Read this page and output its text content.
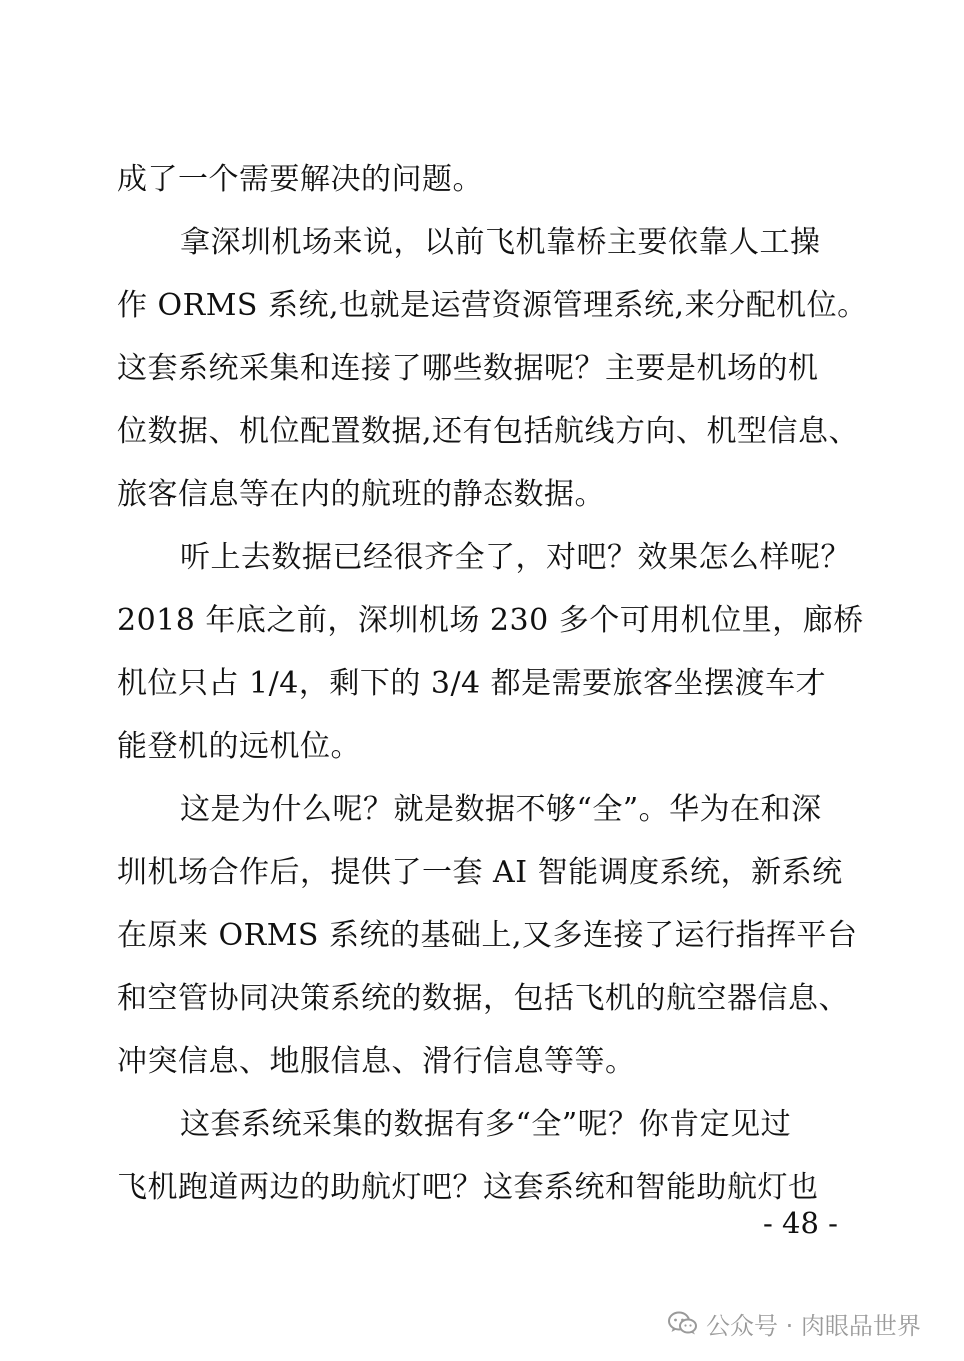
成了一个需要解决的问题。
拿深圳机场来说，以前飞机靠桥主要依靠人工操
作 ORMS 系统,也就是运营资源管理系统,来分配机位。
这套系统采集和连接了哪些数据呢？主要是机场的机
位数据、机位配置数据,还有包括航线方向、机型信息、
旅客信息等在内的航班的静态数据。
听上去数据已经很齐全了，对吧？效果怎么样呢？
2018 年底之前，深圳机场 230 多个可用机位里，廊桥
机位只占 1/4，剩下的 3/4 都是需要旅客坐摆渡车才
能登机的远机位。
这是为什么呢？就是数据不够“全”。华为在和深
圳机场合作后，提供了一套 AI 智能调度系统，新系统
在原来 ORMS 系统的基础上,又多连接了运行指挥平台
和空管协同决策系统的数据，包括飞机的航空器信息、
冲突信息、地服信息、滑行信息等等。
这套系统采集的数据有多“全”呢？你肯定见过
飞机跑道两边的助航灯吧？这套系统和智能助航灯也
- 48 -
公众号 · 肉眼品世界
